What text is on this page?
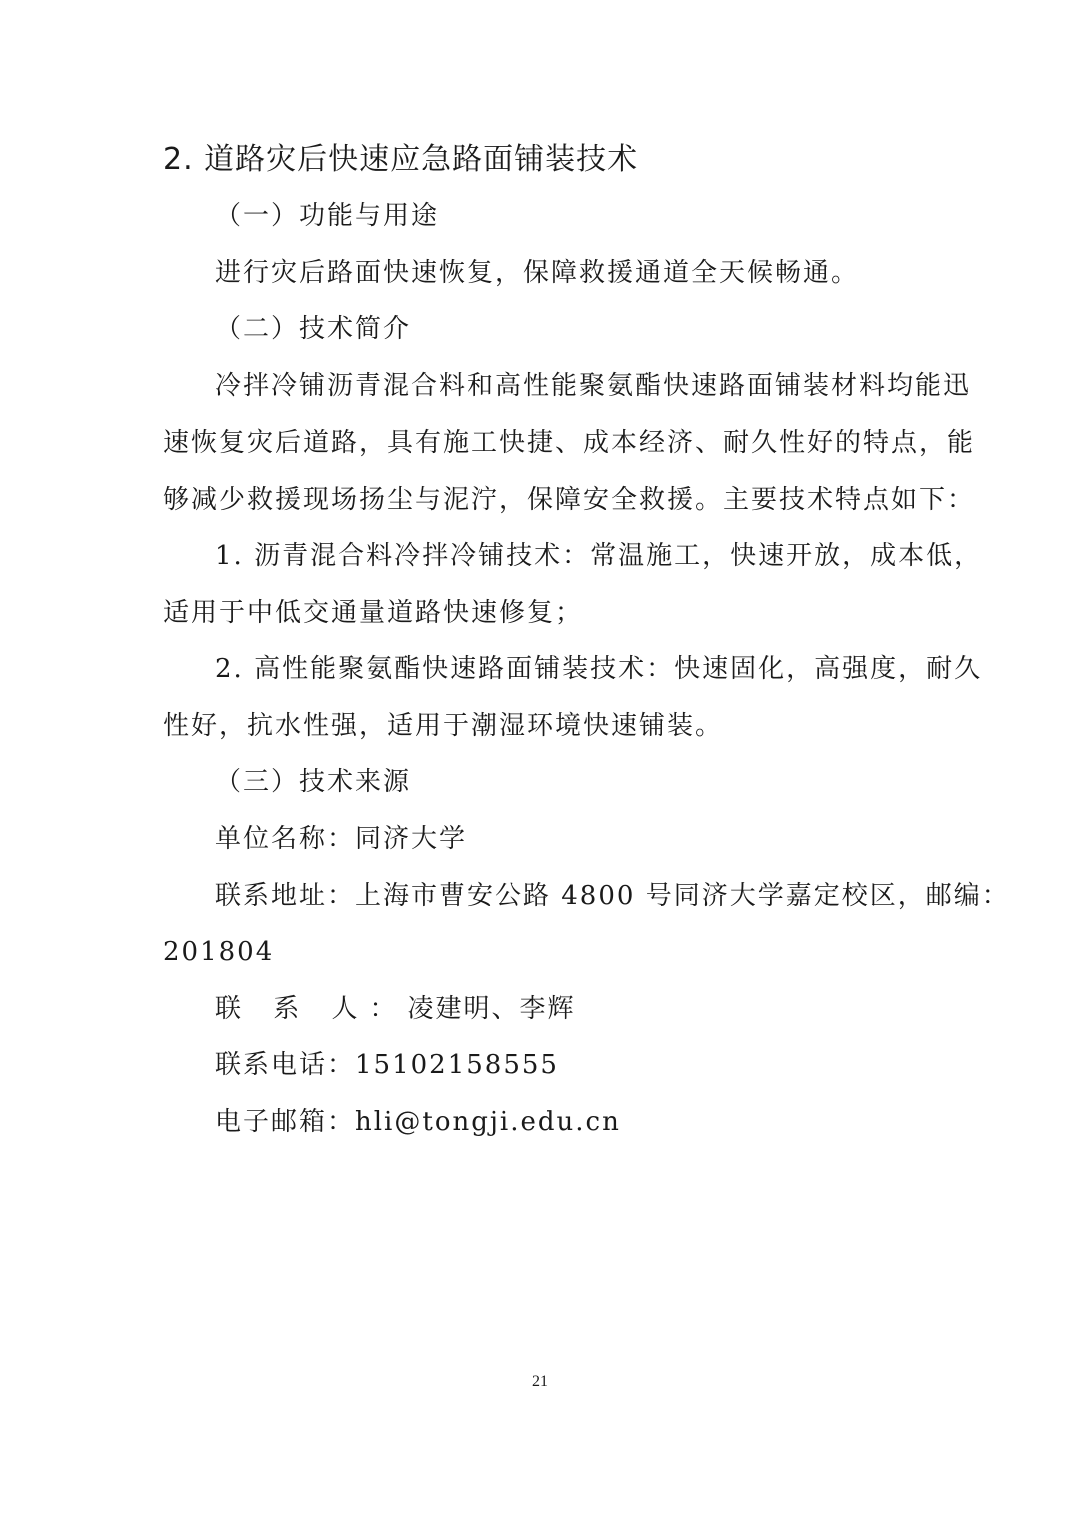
2. 道路灾后快速应急路面铺装技术
（一）功能与用途
进行灾后路面快速恢复，保障救援通道全天候畅通。
（二）技术简介
冷拌冷铺沥青混合料和高性能聚氨酯快速路面铺装材料均能迅
速恢复灾后道路，具有施工快捷、成本经济、耐久性好的特点，能
够减少救援现场扬尘与泥泞，保障安全救援。主要技术特点如下：
1. 沥青混合料冷拌冷铺技术：常温施工，快速开放，成本低，
适用于中低交通量道路快速修复；
2. 高性能聚氨酯快速路面铺装技术：快速固化，高强度，耐久
性好，抗水性强，适用于潮湿环境快速铺装。
（三）技术来源
单位名称：同济大学
联系地址：上海市曹安公路 4800 号同济大学嘉定校区，邮编：
201804
联 系 人：凌建明、李辉
联系电话：15102158555
电子邮箱：hli@tongji.edu.cn
21
